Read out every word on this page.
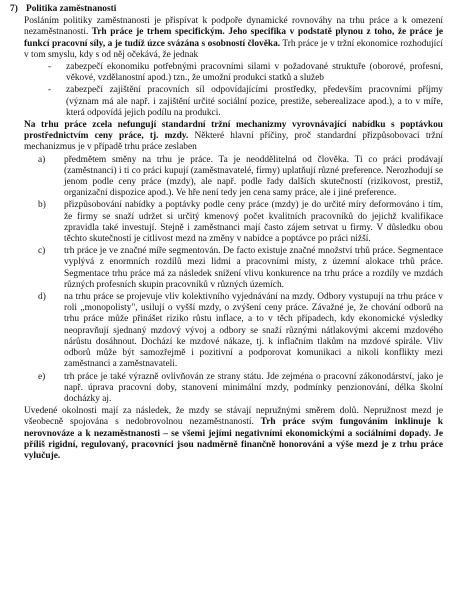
7) Politika zaměstnanosti
Posláním politiky zaměstnanosti je přispívat k podpoře dynamické rovnováhy na trhu práce a k omezení nezaměstnanosti. Trh práce je trhem specifickým. Jeho specifika v podstatě plynou z toho, že práce je funkcí pracovní síly, a je tudíž úzce svázána s osobností člověka. Trh práce je v tržní ekonomice rozhodující v tom smyslu, kdy s od něj očekává, že jednak
- zabezpečí ekonomiku potřebnými pracovními silami v požadované struktuře (oborové, profesní, věkové, vzdělanostní apod.) tzn., že umožní produkci statků a služeb
- zabezpečí zajištění pracovních síl odpovídajícími prostředky, především pracovními příjmy (význam má ale např. i zajištění určité sociální pozice, prestiže, seberealizace apod.), a to v míře, která odpovídá jejich podílu na produkci.
Na trhu práce zcela nefungují standardní tržní mechanizmy vyrovnávající nabídku s poptávkou prostřednictvím ceny práce, tj. mzdy. Některé hlavní příčiny, proč standardní přizpůsobovací tržní mechanizmus je v případě trhu práce zeslaben
a) předmětem směny na trhu je práce. Ta je neoddělitelná od člověka. Ti co práci prodávají (zaměstnanci) i ti co práci kupují (zaměstnavatelé, firmy) uplatňují různé preference. Nerozhodují se jenom podle ceny práce (mzdy), ale např. podle řady dalších skutečností (rizikovost, prestiž, organizační dispozice apod.). Ve hře není tedy jen cena samy práce, ale i jiné preference.
b) přizpůsobování nabídky a poptávky podle ceny práce (mzdy) je do určité míry deformováno i tím, že firmy se snaží udržet si určitý kmenový počet kvalitních pracovníků do jejichž kvalifikace zpravidla také investují. Stejně i zaměstnanci mají často zájem setrvat u firmy. V důsledku obou těchto skutečností je citlivost mezd na změny v nabídce a poptávce po práci nižší.
c) trh práce je ve značné míře segmentován. De facto existuje značné množství trhů práce. Segmentace vyplývá z enormních rozdílů mezi lidmi a pracovními místy, z územní alokace trhů práce. Segmentace trhu práce má za následek snížení vlivu konkurence na trhu práce a rozdíly ve mzdách různých profesních skupin pracovníků v různých územích.
d) na trhu práce se projevuje vliv kolektivního vyjednávání na mzdy. Odbory vystupují na trhu práce v roli „monopolisty", usilují o vyšší mzdy, o zvýšení ceny práce. Závažné je, že chování odborů na trhu práce může přinášet riziko růstu inflace, a to v těch případech, kdy ekonomické výsledky neopravňují sjednaný mzdový vývoj a odbory se snaží různými nátlakovými akcemi mzdového nárůstu dosáhnout. Dochází ke mzdové nákaze, tj. k inflačním tlakům na mzdové spirále. Vliv odborů může být samozřejmě i pozitivní a podporovat komunikaci a nikoli konflikty mezi zaměstnanci a zaměstnavateli.
e) trh práce je také výrazně ovlivňován ze strany státu. Jde zejména o pracovní zákonodárství, jako je např. úprava pracovní doby, stanovení minimální mzdy, podmínky penzionování, délka školní docházky aj.
Uvedené okolnosti mají za následek, že mzdy se stávají nepružnými směrem dolů. Nepružnost mezd je všeobecně spojována s nedobrovolnou nezaměstnaností. Trh práce svým fungováním inklinuje k nerovnováze a k nezaměstnanosti – se všemi jejími negativními ekonomickými a sociálními dopady. Je příliš rigidní, regulovaný, pracovníci jsou nadměrně finančně honorováni a výše mezd je z trhu práce vylučuje.
